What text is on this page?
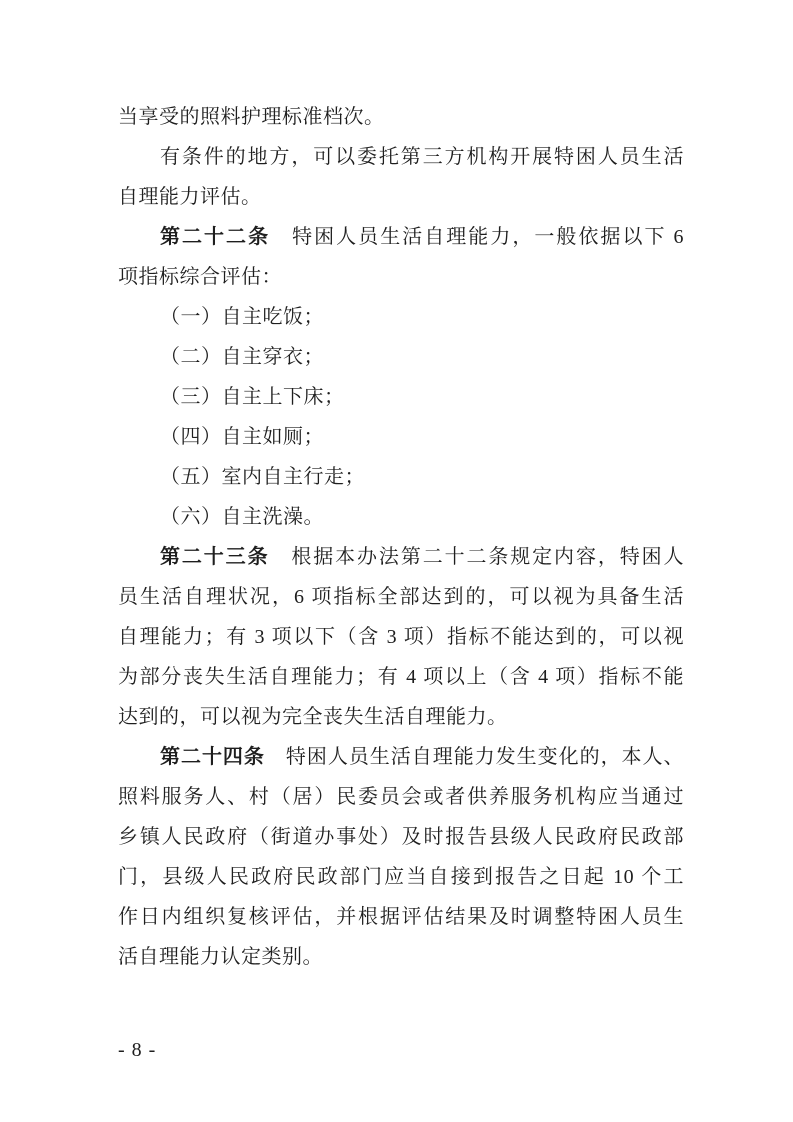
当享受的照料护理标准档次。
有条件的地方，可以委托第三方机构开展特困人员生活
自理能力评估。
第二十二条　特困人员生活自理能力，一般依据以下 6
项指标综合评估：
（一）自主吃饭；
（二）自主穿衣；
（三）自主上下床；
（四）自主如厕；
（五）室内自主行走；
（六）自主洗澡。
第二十三条　根据本办法第二十二条规定内容，特困人
员生活自理状况，6 项指标全部达到的，可以视为具备生活
自理能力；有 3 项以下（含 3 项）指标不能达到的，可以视
为部分丧失生活自理能力；有 4 项以上（含 4 项）指标不能
达到的，可以视为完全丧失生活自理能力。
第二十四条　特困人员生活自理能力发生变化的，本人、
照料服务人、村（居）民委员会或者供养服务机构应当通过
乡镇人民政府（街道办事处）及时报告县级人民政府民政部
门，县级人民政府民政部门应当自接到报告之日起 10 个工
作日内组织复核评估，并根据评估结果及时调整特困人员生
活自理能力认定类别。
- 8 -
